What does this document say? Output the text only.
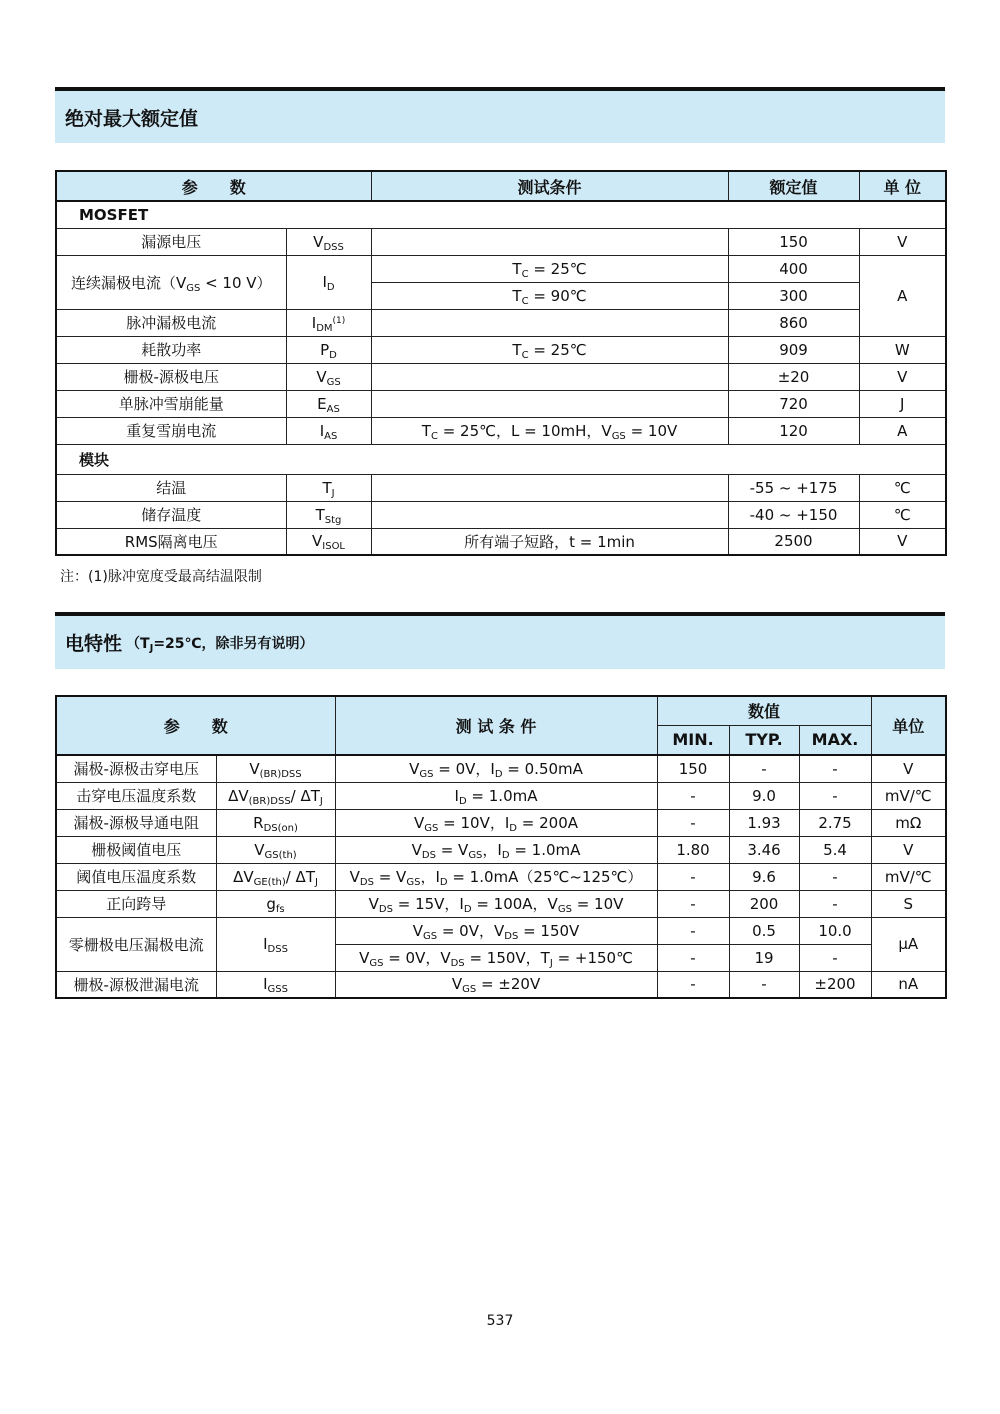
绝对最大额定值
参　　数		测试条件	额定值	单 位
MOSFET				
漏源电压	$V_{DSS}$		150	V
连续漏极电流（$V_{GS} < 10$ V）	$I_D$	$T_C$ = 25℃	400	A
		$T_C$ = 90℃	300	
脉冲漏极电流	$I_{DM}^{(1)}$		860	
耗散功率	$P_D$	$T_C$ = 25℃	909	W
栅极-源极电压	$V_{GS}$		±20	V
单脉冲雪崩能量	$E_{AS}$		720	J
重复雪崩电流	$I_{AS}$	$T_C$ = 25℃，L = 10mH，$V_{GS} = 10V$	120	A
模块				
结温	$T_J$		-55 ~ +175	℃
储存温度	$T_{Stg}$		-40 ~ +150	℃
RMS隔离电压	$V_{ISOL}$	所有端子短路，t = 1min	2500	V
注：(1)脉冲宽度受最高结温限制
电特性 （$T_J=25℃$，除非另有说明）
参　　数		测 试 条 件	数值			单位
			MIN.	TYP.	MAX.	
漏极-源极击穿电压	$V_{(BR)DSS}$	$V_{GS} = 0V$，$I_D = 0.50mA$	150	-	-	V
击穿电压温度系数	$\Delta V_{(BR)DSS}/$ $\Delta T_J$	$I_D = 1.0mA$	-	9.0	-	mV/℃
漏极-源极导通电阻	$R_{DS(on)}$	$V_{GS} = 10V$，$I_D = 200A$	-	1.93	2.75	mΩ
栅极阈值电压	$V_{GS(th)}$	$V_{DS} = V_{GS}$，$I_D = 1.0mA$	1.80	3.46	5.4	V
阈值电压温度系数	$\Delta V_{GE(th)}/$ $\Delta T_J$	$V_{DS} = V_{GS}$，$I_D$ = 1.0mA（25℃~125℃）	-	9.6	-	mV/℃
正向跨导	$g_{fs}$	$V_{DS} = 15V$，$I_D = 100A$，$V_{GS} = 10V$	-	200	-	S
零栅极电压漏极电流	$I_{DSS}$	$V_{GS} = 0V$，$V_{DS} = 150V$	-	0.5	10.0	μA
		$V_{GS} = 0V$，$V_{DS} = 150V$，$T_J$ = +150℃	-	19	-	
栅极-源极泄漏电流	$I_{GSS}$	$V_{GS} = \pm 20V$	-	-	±200	nA
537
